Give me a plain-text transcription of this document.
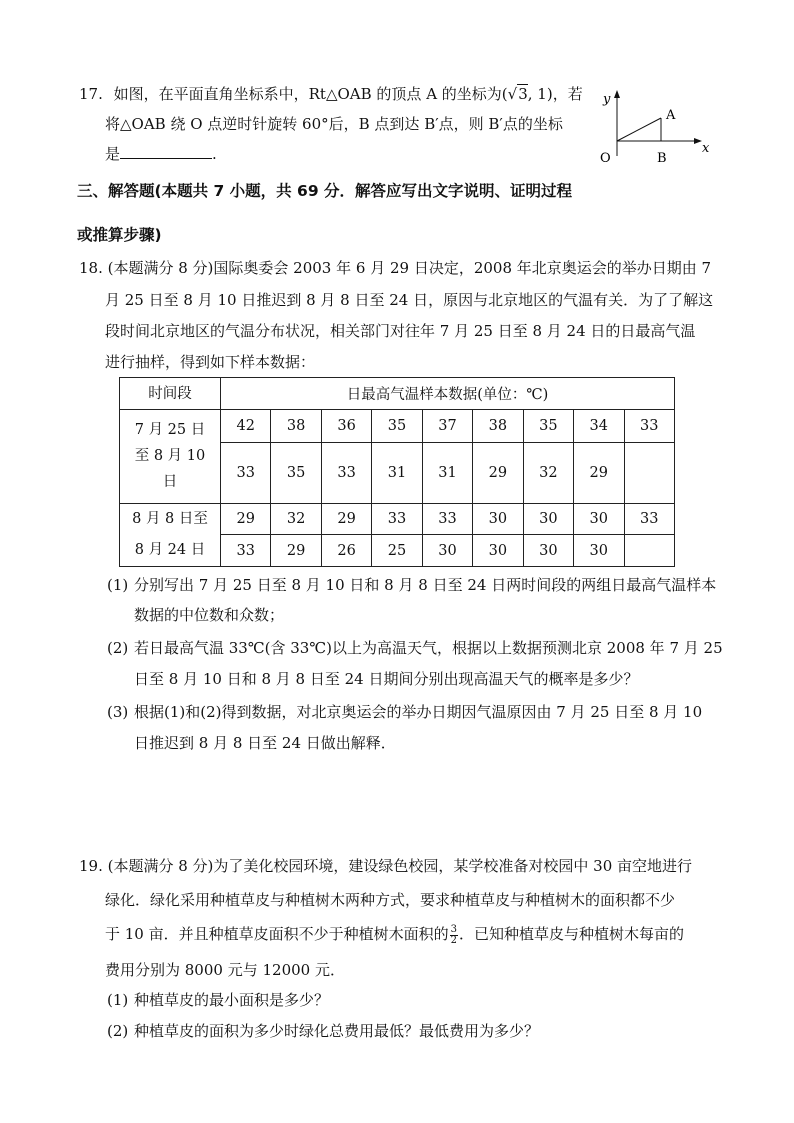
17. 如图，在平面直角坐标系中，Rt△OAB 的顶点 A 的坐标为(√3, 1)，若
将△OAB 绕 O 点逆时针旋转 60°后，B 点到达 B′点，则 B′点的坐标
是	.
y
x
A
O	B
三、解答题(本题共 7 小题，共 69 分．解答应写出文字说明、证明过程
或推算步骤)
18. (本题满分 8 分)国际奥委会 2003 年 6 月 29 日决定，2008 年北京奥运会的举办日期由 7
月 25 日至 8 月 10 日推迟到 8 月 8 日至 24 日，原因与北京地区的气温有关．为了了解这
段时间北京地区的气温分布状况，相关部门对往年 7 月 25 日至 8 月 24 日的日最高气温
进行抽样，得到如下样本数据：
时间段	日最高气温样本数据(单位：℃)								

7 月 25 日
至 8 月 10
日	42	38	36	35	37	38	35	34	33
	33	35	33	31	31	29	32	29	

8 月 8 日至
8 月 24 日	29	32	29	33	33	30	30	30	33
	33	29	26	25	30	30	30	30	
(1) 分别写出 7 月 25 日至 8 月 10 日和 8 月 8 日至 24 日两时间段的两组日最高气温样本
数据的中位数和众数；
(2) 若日最高气温 33℃(含 33℃)以上为高温天气，根据以上数据预测北京 2008 年 7 月 25
日至 8 月 10 日和 8 月 8 日至 24 日期间分别出现高温天气的概率是多少？
(3) 根据(1)和(2)得到数据，对北京奥运会的举办日期因气温原因由 7 月 25 日至 8 月 10
日推迟到 8 月 8 日至 24 日做出解释．
19. (本题满分 8 分)为了美化校园环境，建设绿色校园，某学校准备对校园中 30 亩空地进行
绿化．绿化采用种植草皮与种植树木两种方式，要求种植草皮与种植树木的面积都不少
于 10 亩．并且种植草皮面积不少于种植树木面积的 $\frac{3}{2}$ ．已知种植草皮与种植树木每亩的
费用分别为 8000 元与 12000 元．
(1) 种植草皮的最小面积是多少？
(2) 种植草皮的面积为多少时绿化总费用最低？最低费用为多少？
